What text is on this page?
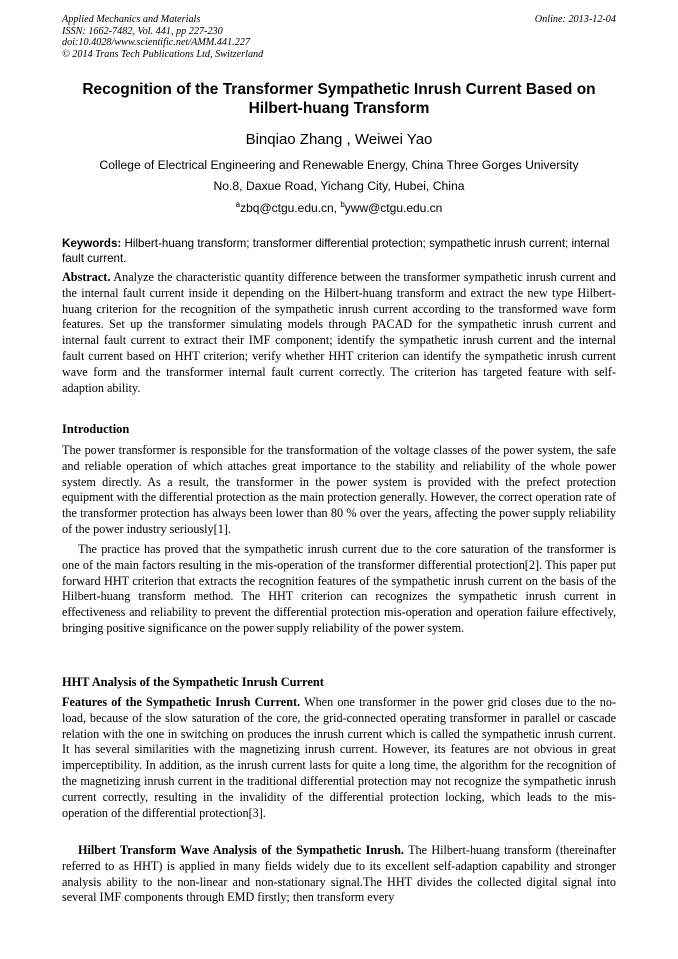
Applied Mechanics and Materials
ISSN: 1662-7482, Vol. 441, pp 227-230
doi:10.4028/www.scientific.net/AMM.441.227
© 2014 Trans Tech Publications Ltd, Switzerland
Online: 2013-12-04
Recognition of the Transformer Sympathetic Inrush Current Based on Hilbert-huang Transform
Binqiao Zhang , Weiwei Yao
College of Electrical Engineering and Renewable Energy, China Three Gorges University
No.8, Daxue Road, Yichang City, Hubei, China
$^a$zbq@ctgu.edu.cn, $^b$yww@ctgu.edu.cn
Keywords: Hilbert-huang transform; transformer differential protection; sympathetic inrush current; internal fault current.
Abstract. Analyze the characteristic quantity difference between the transformer sympathetic inrush current and the internal fault current inside it depending on the Hilbert-huang transform and extract the new type Hilbert-huang criterion for the recognition of the sympathetic inrush current according to the transformed wave form features. Set up the transformer simulating models through PACAD for the sympathetic inrush current and internal fault current to extract their IMF component; identify the sympathetic inrush current and the internal fault current based on HHT criterion; verify whether HHT criterion can identify the sympathetic inrush current wave form and the transformer internal fault current correctly. The criterion has targeted feature with self-adaption ability.
Introduction
The power transformer is responsible for the transformation of the voltage classes of the power system, the safe and reliable operation of which attaches great importance to the stability and reliability of the whole power system directly. As a result, the transformer in the power system is provided with the prefect protection equipment with the differential protection as the main protection generally. However, the correct operation rate of the transformer protection has always been lower than 80 % over the years, affecting the power supply reliability of the power industry seriously[1].
The practice has proved that the sympathetic inrush current due to the core saturation of the transformer is one of the main factors resulting in the mis-operation of the transformer differential protection[2]. This paper put forward HHT criterion that extracts the recognition features of the sympathetic inrush current on the basis of the Hilbert-huang transform method. The HHT criterion can recognizes the sympathetic inrush current in effectiveness and reliability to prevent the differential protection mis-operation and operation failure effectively, bringing positive significance on the power supply reliability of the power system.
HHT Analysis of the Sympathetic Inrush Current
Features of the Sympathetic Inrush Current. When one transformer in the power grid closes due to the no-load, because of the slow saturation of the core, the grid-connected operating transformer in parallel or cascade relation with the one in switching on produces the inrush current which is called the sympathetic inrush current. It has several similarities with the magnetizing inrush current. However, its features are not obvious in great imperceptibility. In addition, as the inrush current lasts for quite a long time, the algorithm for the recognition of the magnetizing inrush current in the traditional differential protection may not recognize the sympathetic inrush current correctly, resulting in the invalidity of the differential protection locking, which leads to the mis-operation of the differential protection[3].
Hilbert Transform Wave Analysis of the Sympathetic Inrush. The Hilbert-huang transform (thereinafter referred to as HHT) is applied in many fields widely due to its excellent self-adaption capability and stronger analysis ability to the non-linear and non-stationary signal.The HHT divides the collected digital signal into several IMF components through EMD firstly; then transform every
